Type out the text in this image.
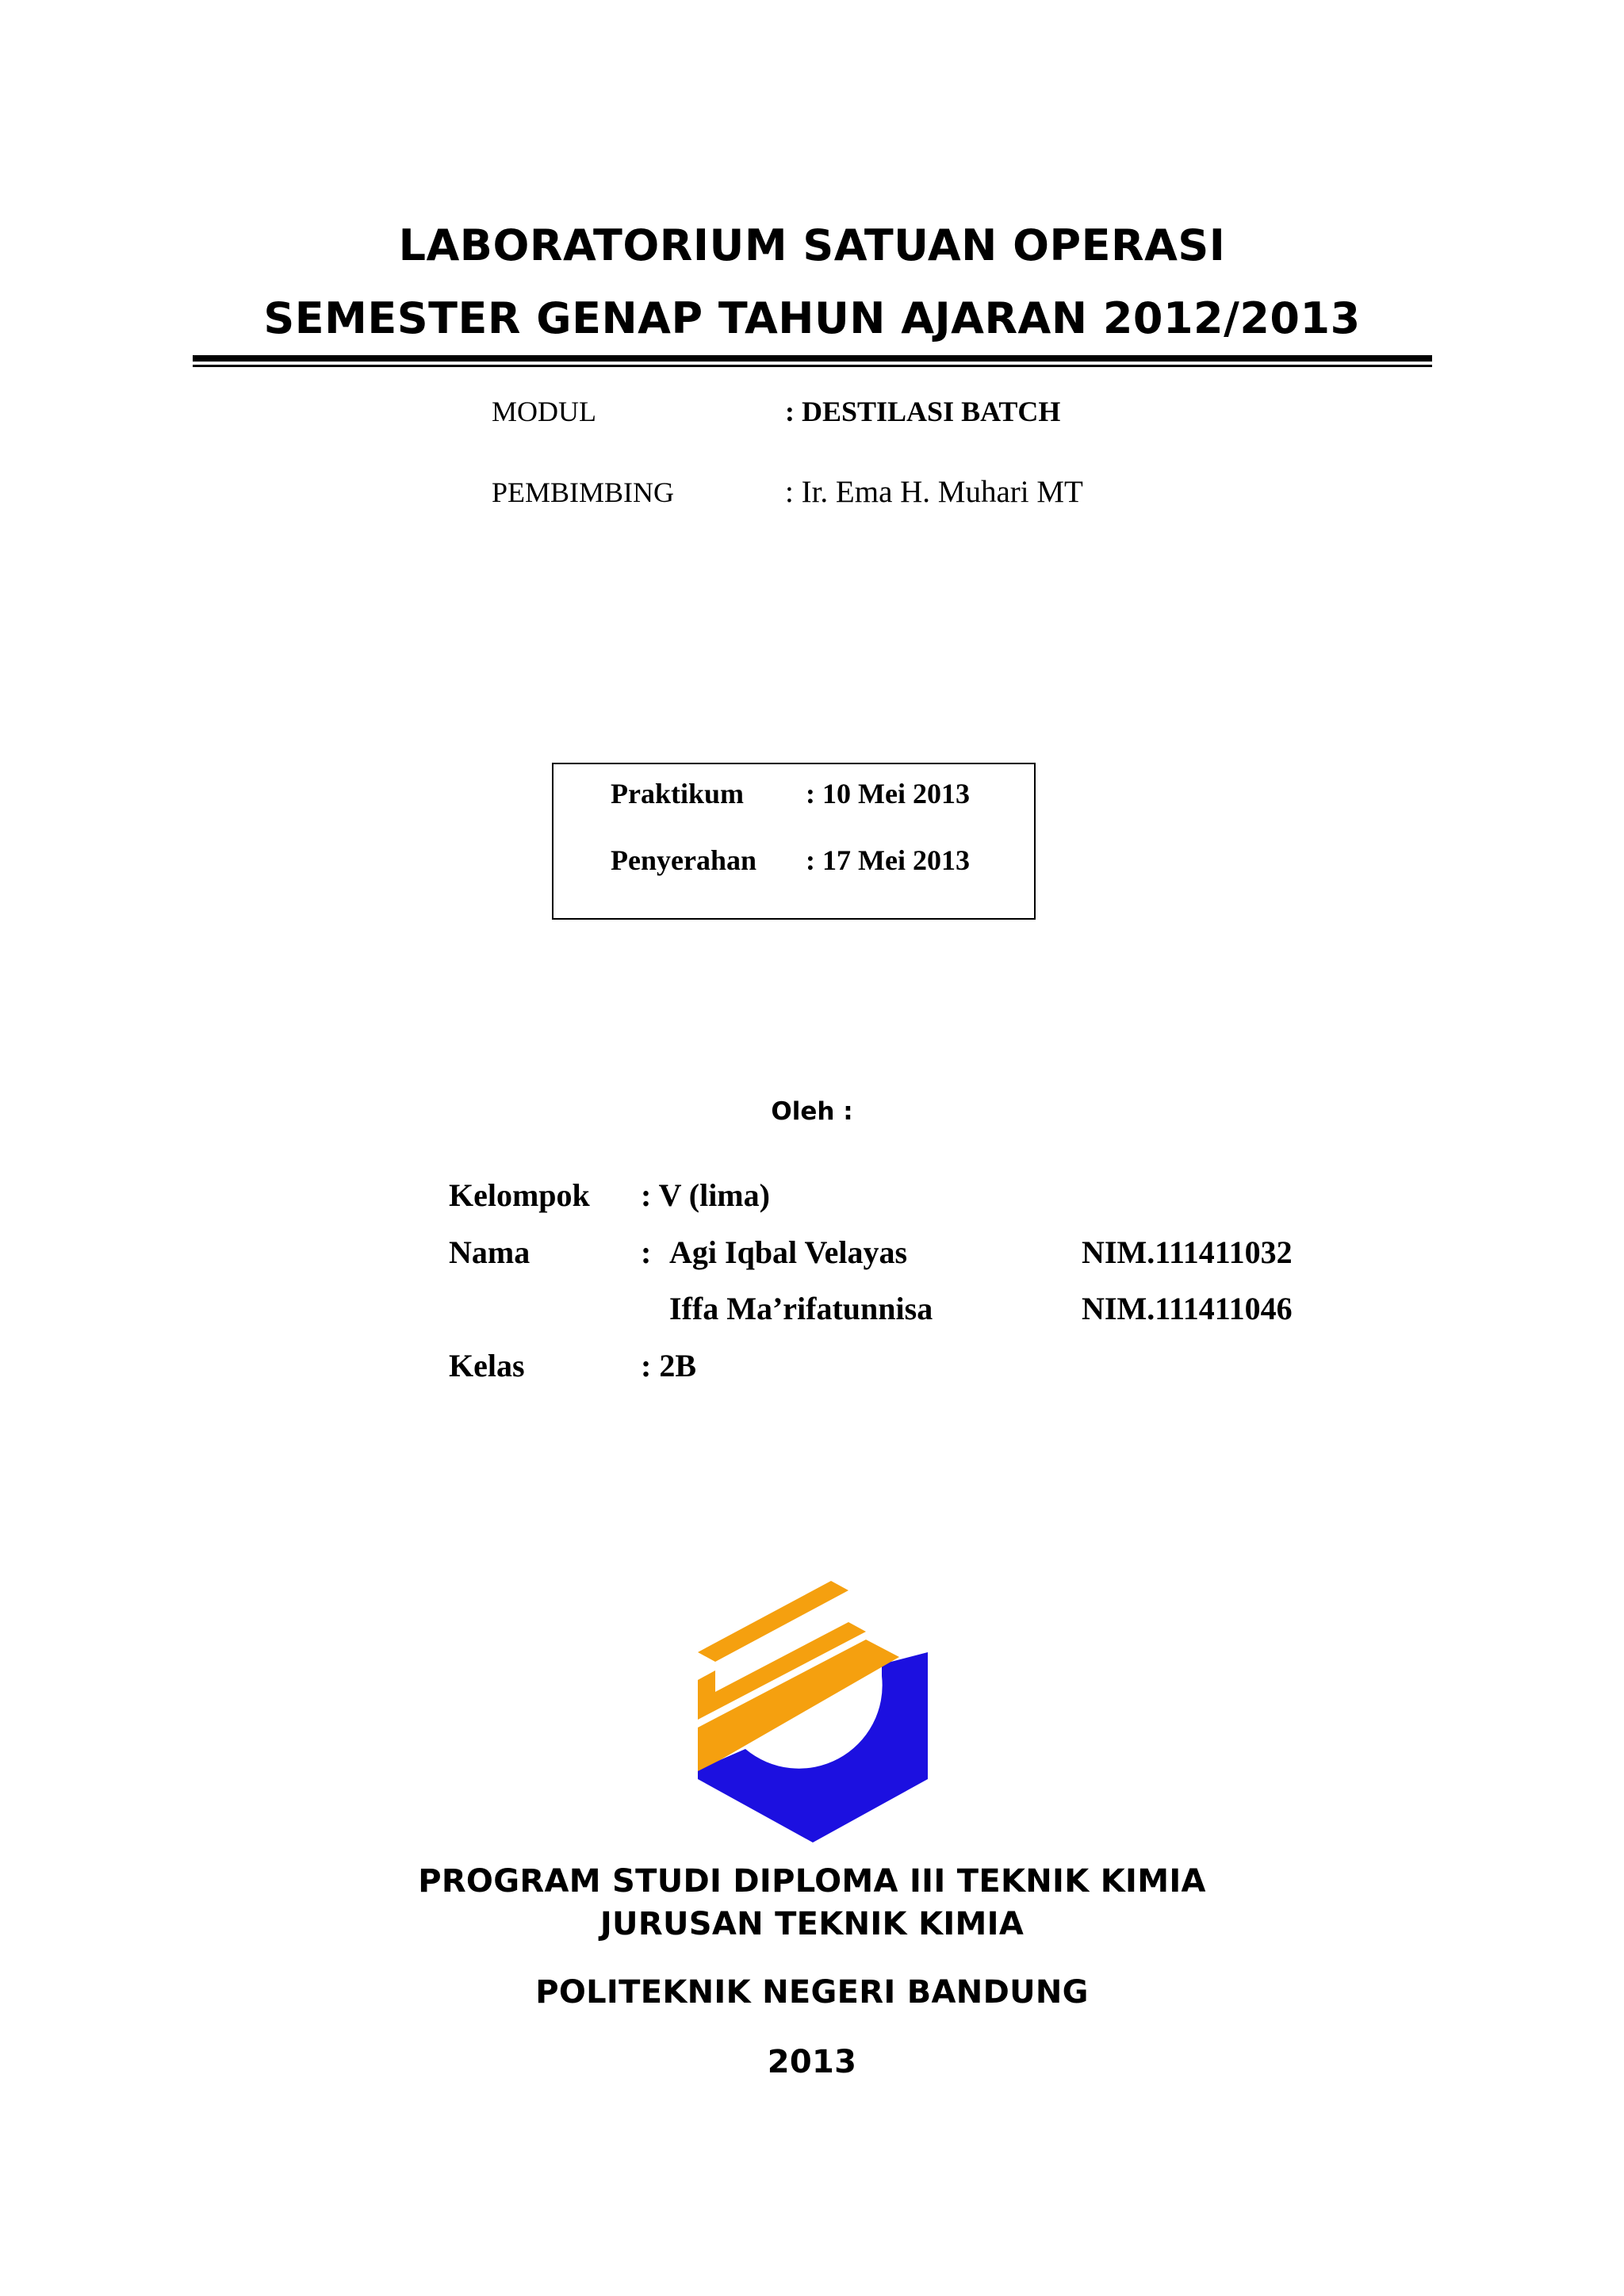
LABORATORIUM SATUAN OPERASI
SEMESTER GENAP TAHUN AJARAN 2012/2013
MODUL	: DESTILASI BATCH
PEMBIMBING	: Ir. Ema H. Muhari MT
Praktikum : 10 Mei 2013
Penyerahan : 17 Mei 2013
Oleh :
Kelompok : V (lima)
Nama	: Agi Iqbal Velayas	NIM.111411032
Iffa Ma’rifatunnisa	NIM.111411046
Kelas	: 2B
PROGRAM STUDI DIPLOMA III TEKNIK KIMIA
JURUSAN TEKNIK KIMIA
POLITEKNIK NEGERI BANDUNG
2013
